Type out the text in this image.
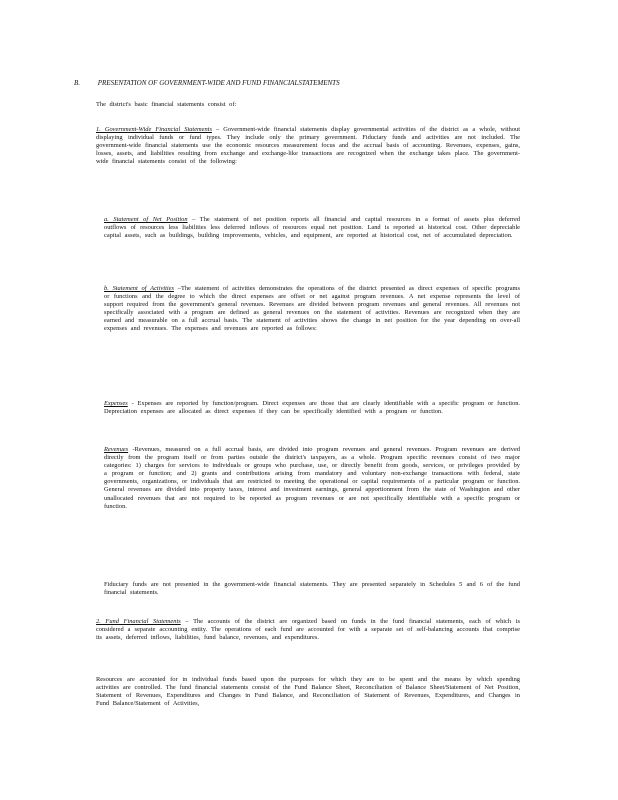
B.	PRESENTATION OF GOVERNMENT-WIDE AND FUND FINANCIALSTATEMENTS
The district's basic financial statements consist of:
1. Government-Wide Financial Statements – Government-wide financial statements display governmental activities of the district as a whole, without displaying individual funds or fund types. They include only the primary government. Fiduciary funds and activities are not included. The government-wide financial statements use the economic resources measurement focus and the accrual basis of accounting. Revenues, expenses, gains, losses, assets, and liabilities resulting from exchange and exchange-like transactions are recognized when the exchange takes place. The government-wide financial statements consist of the following:
a. Statement of Net Position – The statement of net position reports all financial and capital resources in a format of assets plus deferred outflows of resources less liabilities less deferred inflows of resources equal net position. Land is reported at historical cost. Other depreciable capital assets, such as buildings, building improvements, vehicles, and equipment, are reported at historical cost, net of accumulated depreciation.
b. Statement of Activities –The statement of activities demonstrates the operations of the district presented as direct expenses of specific programs or functions and the degree to which the direct expenses are offset or net against program revenues. A net expense represents the level of support required from the government's general revenues. Revenues are divided between program revenues and general revenues. All revenues not specifically associated with a program are defined as general revenues on the statement of activities. Revenues are recognized when they are earned and measurable on a full accrual basis. The statement of activities shows the change in net position for the year depending on over-all expenses and revenues. The expenses and revenues are reported as follows:
Expenses - Expenses are reported by function/program. Direct expenses are those that are clearly identifiable with a specific program or function. Depreciation expenses are allocated as direct expenses if they can be specifically identified with a program or function.
Revenues -Revenues, measured on a full accrual basis, are divided into program revenues and general revenues. Program revenues are derived directly from the program itself or from parties outside the district's taxpayers, as a whole. Program specific revenues consist of two major categories: 1) charges for services to individuals or groups who purchase, use, or directly benefit from goods, services, or privileges provided by a program or function; and 2) grants and contributions arising from mandatory and voluntary non-exchange transactions with federal, state governments, organizations, or individuals that are restricted to meeting the operational or capital requirements of a particular program or function. General revenues are divided into property taxes, interest and investment earnings, general apportionment from the state of Washington and other unallocated revenues that are not required to be reported as program revenues or are not specifically identifiable with a specific program or function.
Fiduciary funds are not presented in the government-wide financial statements. They are presented separately in Schedules 5 and 6 of the fund financial statements.
2. Fund Financial Statements – The accounts of the district are organized based on funds in the fund financial statements, each of which is considered a separate accounting entity. The operations of each fund are accounted for with a separate set of self-balancing accounts that comprise its assets, deferred inflows, liabilities, fund balance, revenues, and expenditures.
Resources are accounted for in individual funds based upon the purposes for which they are to be spent and the means by which spending activities are controlled. The fund financial statements consist of the Fund Balance Sheet, Reconciliation of Balance Sheet/Statement of Net Position, Statement of Revenues, Expenditures and Changes in Fund Balance, and Reconciliation of Statement of Revenues, Expenditures, and Changes in Fund Balance/Statement of Activities,
